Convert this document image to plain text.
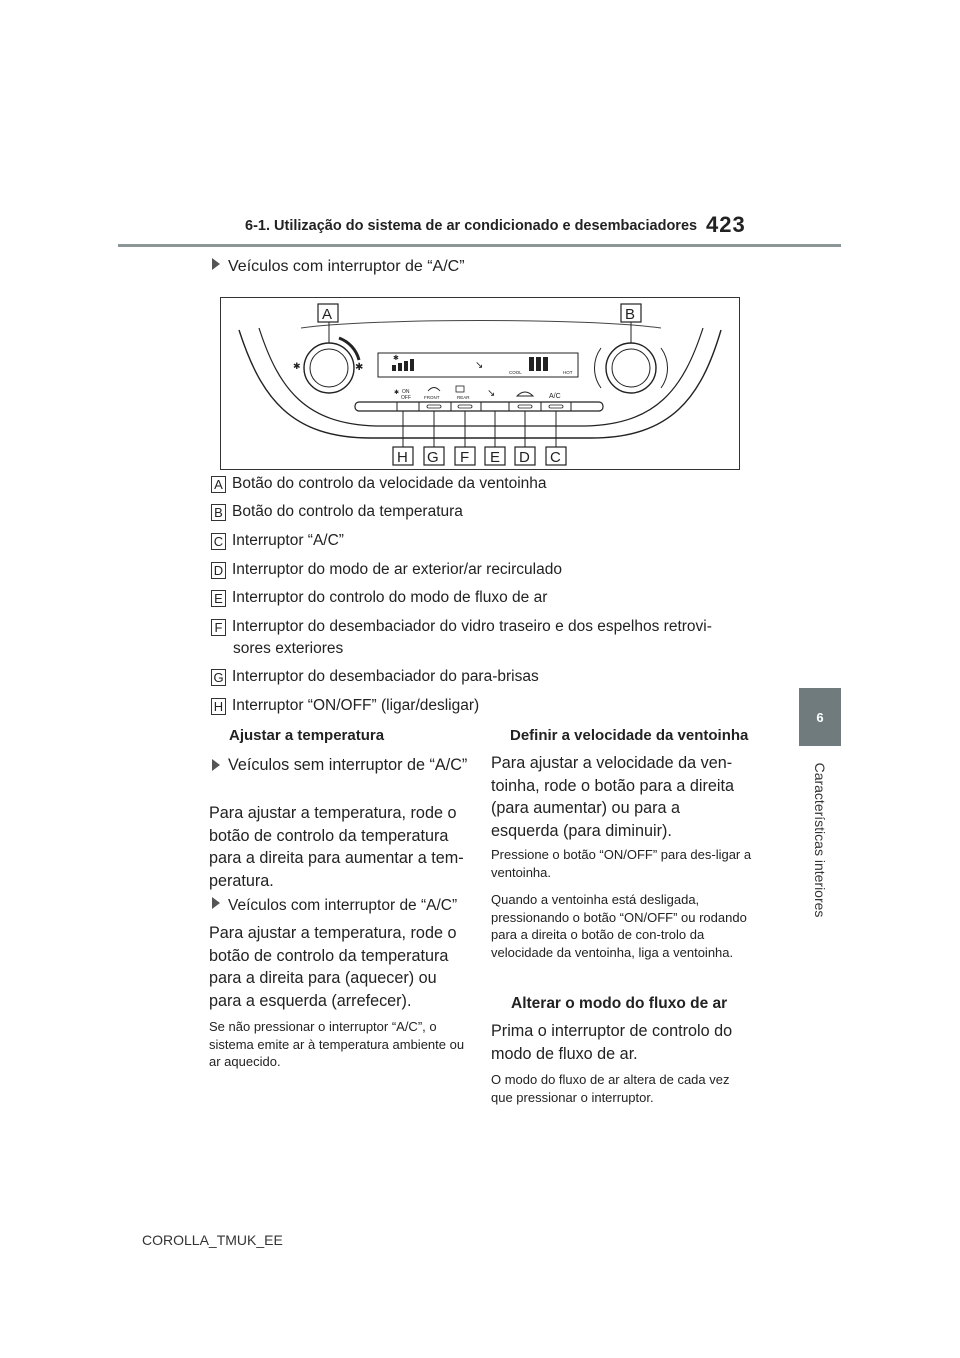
6-1. Utilização do sistema de ar condicionado e desembaciadores 423
6
Características interiores
Veículos com interruptor de “A/C”
✱	✱
✱
↘
COOL	HOT
✱ ON
OFF	FRONT	REAR ↘	A/C
A	B
H G F E D C
A Botão do controlo da velocidade da ventoinha
B Botão do controlo da temperatura
C Interruptor “A/C”
D Interruptor do modo de ar exterior/ar recirculado
E Interruptor do controlo do modo de fluxo de ar
F Interruptor do desembaciador do vidro traseiro e dos espelhos retrovi-
sores exteriores
G Interruptor do desembaciador do para-brisas
H Interruptor “ON/OFF” (ligar/desligar)
Ajustar a temperatura
Veículos sem interruptor de “A/C”
Para ajustar a temperatura, rode o botão de controlo da temperatura para a direita para aumentar a tem-peratura.
Veículos com interruptor de “A/C”
Para ajustar a temperatura, rode o botão de controlo da temperatura para a direita para (aquecer) ou para a esquerda (arrefecer).
Se não pressionar o interruptor “A/C”, o sistema emite ar à temperatura ambiente ou ar aquecido.
Definir a velocidade da ventoinha
Para ajustar a velocidade da ven-toinha, rode o botão para a direita (para aumentar) ou para a esquerda (para diminuir).
Pressione o botão “ON/OFF” para des-ligar a ventoinha.
Quando a ventoinha está desligada, pressionando o botão “ON/OFF” ou rodando para a direita o botão de con-trolo da velocidade da ventoinha, liga a ventoinha.
Alterar o modo do fluxo de ar
Prima o interruptor de controlo do modo de fluxo de ar.
O modo do fluxo de ar altera de cada vez que pressionar o interruptor.
COROLLA_TMUK_EE
